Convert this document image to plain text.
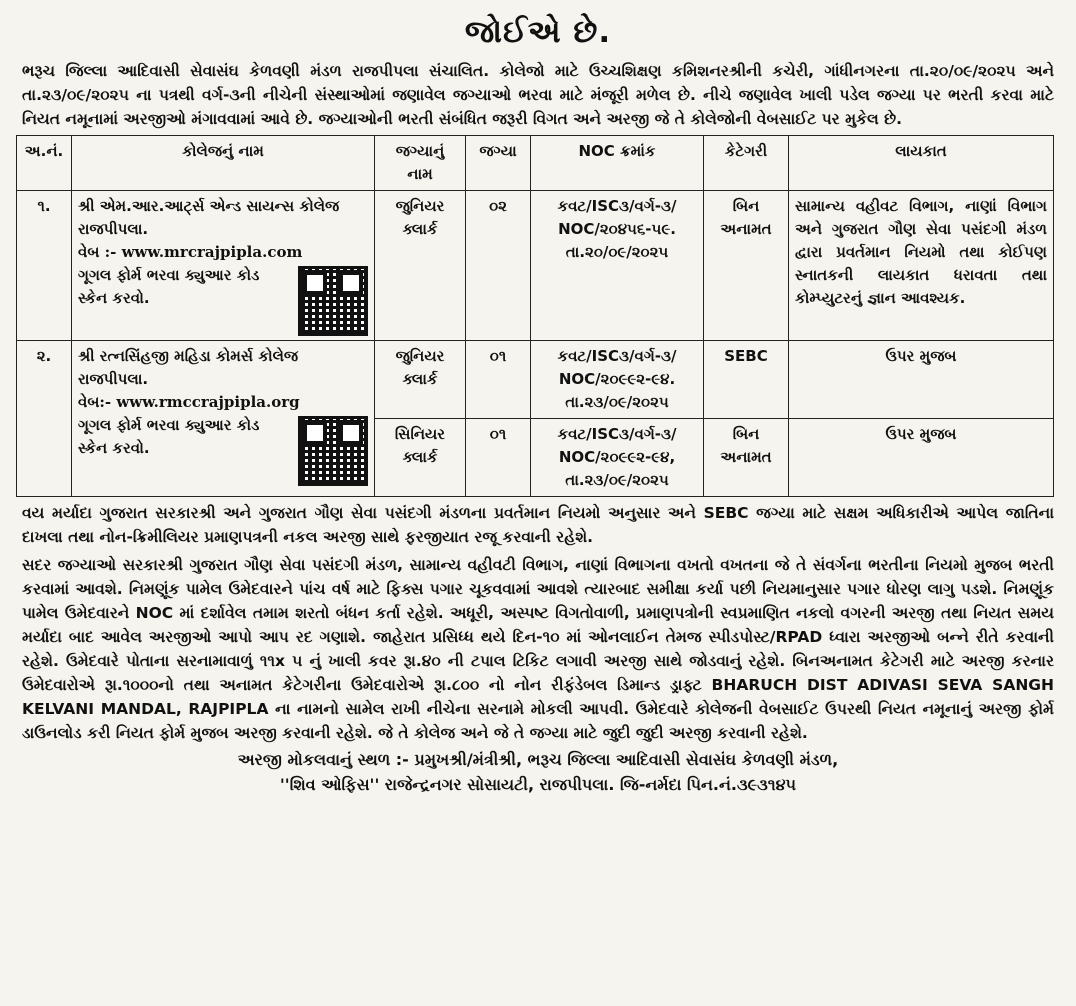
જોઈએ છે.
ભરૂચ જિલ્લા આદિવાસી સેવાસંઘ કેળવણી મંડળ રાજપીપલા સંચાલિત. કોલેજો માટે ઉચ્ચશિક્ષણ કમિશનરશ્રીની કચેરી, ગાંધીનગરના તા.૨૦/૦૯/૨૦૨૫ અને તા.૨૩/૦૯/૨૦૨૫ ના પત્રથી વર્ગ-૩ની નીચેની સંસ્થાઓમાં જણાવેલ જગ્યાઓ ભરવા માટે મંજૂરી મળેલ છે. નીચે જણાવેલ ખાલી પડેલ જગ્યા પર ભરતી કરવા માટે નિયત નમૂનામાં અરજીઓ મંગાવવામાં આવે છે. જગ્યાઓની ભરતી સંબંધિત જરૂરી વિગત અને અરજી જે તે કોલેજોની વેબસાઈટ પર મુકેલ છે.
અ.નં.	કોલેજનું નામ	જગ્યાનું નામ	જગ્યા	NOC ક્રમાંક	કેટેગરી	લાયકાત
૧.	શ્રી એમ.આર.આર્ટ્સ એન્ડ સાયન્સ કોલેજ રાજપીપલા.
વેબ :- www.mrcrajpipla.com
ગૂગલ ફોર્મ ભરવા ક્યુઆર કોડ સ્કેન કરવો.	જુનિયર ક્લાર્ક	૦૨	કવટ/ISC૩/વર્ગ-૩/ NOC/૨૦૪૫૬-૫૯. તા.૨૦/૦૯/૨૦૨૫	બિન અનામત	સામાન્ય વહીવટ વિભાગ, નાણાં વિભાગ અને ગુજરાત ગૌણ સેવા પસંદગી મંડળ દ્વારા પ્રવર્તમાન નિયમો તથા કોઈપણ સ્નાતકની લાયકાત ધરાવતા તથા કોમ્પ્યુટરનું જ્ઞાન આવશ્યક.
૨.	શ્રી રત્નસિંહજી મહિડા કોમર્સ કોલેજ રાજપીપલા.
વેબ:- www.rmccrajpipla.org
ગૂગલ ફોર્મ ભરવા ક્યુઆર કોડ સ્કેન કરવો.	જુનિયર ક્લાર્ક	૦૧	કવટ/ISC૩/વર્ગ-૩/ NOC/૨૦૯૯૨-૯૪. તા.૨૩/૦૯/૨૦૨૫	SEBC	ઉપર મુજબ
		સિનિયર ક્લાર્ક	૦૧	કવટ/ISC૩/વર્ગ-૩/ NOC/૨૦૯૯૨-૯૪, તા.૨૩/૦૯/૨૦૨૫	બિન અનામત	ઉપર મુજબ
વય મર્યાદા ગુજરાત સરકારશ્રી અને ગુજરાત ગૌણ સેવા પસંદગી મંડળના પ્રવર્તમાન નિયમો અનુસાર અને SEBC જગ્યા માટે સક્ષમ અધિકારીએ આપેલ જાતિના દાખલા તથા નોન-ક્રિમીલિયર પ્રમાણપત્રની નકલ અરજી સાથે ફરજીયાત રજૂ કરવાની રહેશે.
સદર જગ્યાઓ સરકારશ્રી ગુજરાત ગૌણ સેવા પસંદગી મંડળ, સામાન્ય વહીવટી વિભાગ, નાણાં વિભાગના વખતો વખતના જે તે સંવર્ગના ભરતીના નિયમો મુજબ ભરતી કરવામાં આવશે. નિમણૂંક પામેલ ઉમેદવારને પાંચ વર્ષ માટે ફિક્સ પગાર ચૂકવવામાં આવશે ત્યારબાદ સમીક્ષા કર્યા પછી નિયમાનુસાર પગાર ધોરણ લાગુ પડશે. નિમણૂંક પામેલ ઉમેદવારને NOC માં દર્શાવેલ તમામ શરતો બંધન કર્તા રહેશે. અધૂરી, અસ્પષ્ટ વિગતોવાળી, પ્રમાણપત્રોની સ્વપ્રમાણિત નકલો વગરની અરજી તથા નિયત સમય મર્યાદા બાદ આવેલ અરજીઓ આપો આપ રદ ગણાશે. જાહેરાત પ્રસિધ્ધ થયે દિન-૧૦ માં ઓનલાઈન તેમજ સ્પીડપોસ્ટ/RPAD ધ્વારા અરજીઓ બન્ને રીતે કરવાની રહેશે. ઉમેદવારે પોતાના સરનામાવાળું ૧૧x ૫ નું ખાલી કવર રૂા.૪૦ ની ટપાલ ટિકિટ લગાવી અરજી સાથે જોડવાનું રહેશે. બિનઅનામત કેટેગરી માટે અરજી કરનાર ઉમેદવારોએ રૂા.૧૦૦૦નો તથા અનામત કેટેગરીના ઉમેદવારોએ રૂા.૮૦૦ નો નોન રીફંડેબલ ડિમાન્ડ ડ્રાફ્ટ BHARUCH DIST ADIVASI SEVA SANGH KELVANI MANDAL, RAJPIPLA ના નામનો સામેલ રાખી નીચેના સરનામે મોકલી આપવી. ઉમેદવારે કોલેજની વેબસાઈટ ઉપરથી નિયત નમૂનાનું અરજી ફોર્મ ડાઉનલોડ કરી નિયત ફોર્મ મુજબ અરજી કરવાની રહેશે. જે તે કોલેજ અને જે તે જગ્યા માટે જુદી જુદી અરજી કરવાની રહેશે.
અરજી મોકલવાનું સ્થળ :- પ્રમુખશ્રી/મંત્રીશ્રી, ભરૂચ જિલ્લા આદિવાસી સેવાસંઘ કેળવણી મંડળ,
''શિવ ઓફિસ'' રાજેન્દ્રનગર સોસાયટી, રાજપીપલા. જિ-નર્મદા પિન.નં.૩૯૩૧૪૫
